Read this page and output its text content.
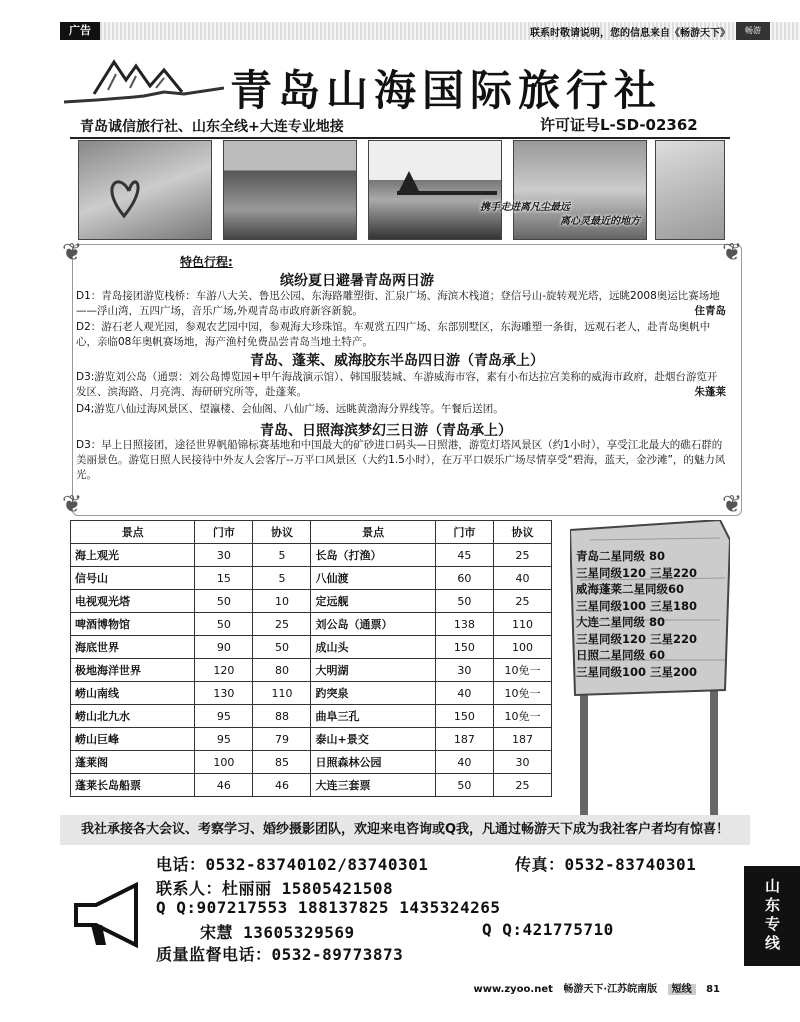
广告	联系时敬请说明，您的信息来自《畅游天下》	畅游
青岛山海国际旅行社
青岛诚信旅行社、山东全线+大连专业地接	许可证号L-SD-02362
携手走进离凡尘最远
离心灵最近的地方
❦	❦
❦	❦
特色行程:
缤纷夏日避暑青岛两日游
D1：青岛接团游览栈桥：车游八大关、鲁迅公园、东海路雕塑街、汇泉广场、海滨木栈道；登信号山-旋转观光塔，远眺2008奥运比赛场地——浮山湾，五四广场，音乐广场,外观青岛市政府新容新貌。	住青岛
D2：游石老人观光园，参观农艺园中园，参观海大珍珠馆。车观赏五四广场、东部别墅区，东海雕塑一条街，远观石老人，赴青岛奥帆中心，亲临08年奥帆赛场地，海产渔村免费品尝青岛当地土特产。
青岛、蓬莱、威海胶东半岛四日游（青岛承上）
D3:游览刘公岛（通票：刘公岛博览园+甲午海战演示馆）、韩国服装城、车游威海市容，素有小布达拉宫美称的威海市政府，赴烟台游览开发区、滨海路、月亮湾、海研研究所等，赴蓬莱。	朱蓬莱
D4;游览八仙过海风景区、望瀛楼、会仙阁、八仙广场、远眺黄渤海分界线等。午餐后送团。
青岛、日照海滨梦幻三日游（青岛承上）
D3：早上日照接团，途径世界帆船锦标赛基地和中国最大的矿砂进口码头—日照港，游览灯塔风景区（约1小时），享受江北最大的礁石群的美丽景色。游览日照人民接待中外友人会客厅--万平口风景区（大约1.5小时），在万平口娱乐广场尽情享受“碧海，蓝天，金沙滩”，的魅力风光。
景点	门市	协议	景点	门市	协议
海上观光	30	5	长岛（打渔）	45	25
信号山	15	5	八仙渡	60	40
电视观光塔	50	10	定远舰	50	25
啤酒博物馆	50	25	刘公岛（通票）	138	110
海底世界	90	50	成山头	150	100
极地海洋世界	120	80	大明湖	30	10免一
崂山南线	130	110	趵突泉	40	10免一
崂山北九水	95	88	曲阜三孔	150	10免一
崂山巨峰	95	79	泰山+景交	187	187
蓬莱阁	100	85	日照森林公园	40	30
蓬莱长岛船票	46	46	大连三套票	50	25
青岛二星同级 80
三星同级120 三星220
威海蓬莱二星同级60
三星同级100 三星180
大连二星同级 80
三星同级120 三星220
日照二星同级 60
三星同级100 三星200
我社承接各大会议、考察学习、婚纱摄影团队，欢迎来电咨询或Q我，凡通过畅游天下成为我社客户者均有惊喜！
电话：0532-83740102/83740301	传真：0532-83740301
联系人：杜丽丽 15805421508
Q Q:907217553 188137825 1435324265
宋慧 13605329569	Q Q:421775710
质量监督电话：0532-89773873
山东专线
www.zyoo.net 畅游天下·江苏皖南版 短线 81
